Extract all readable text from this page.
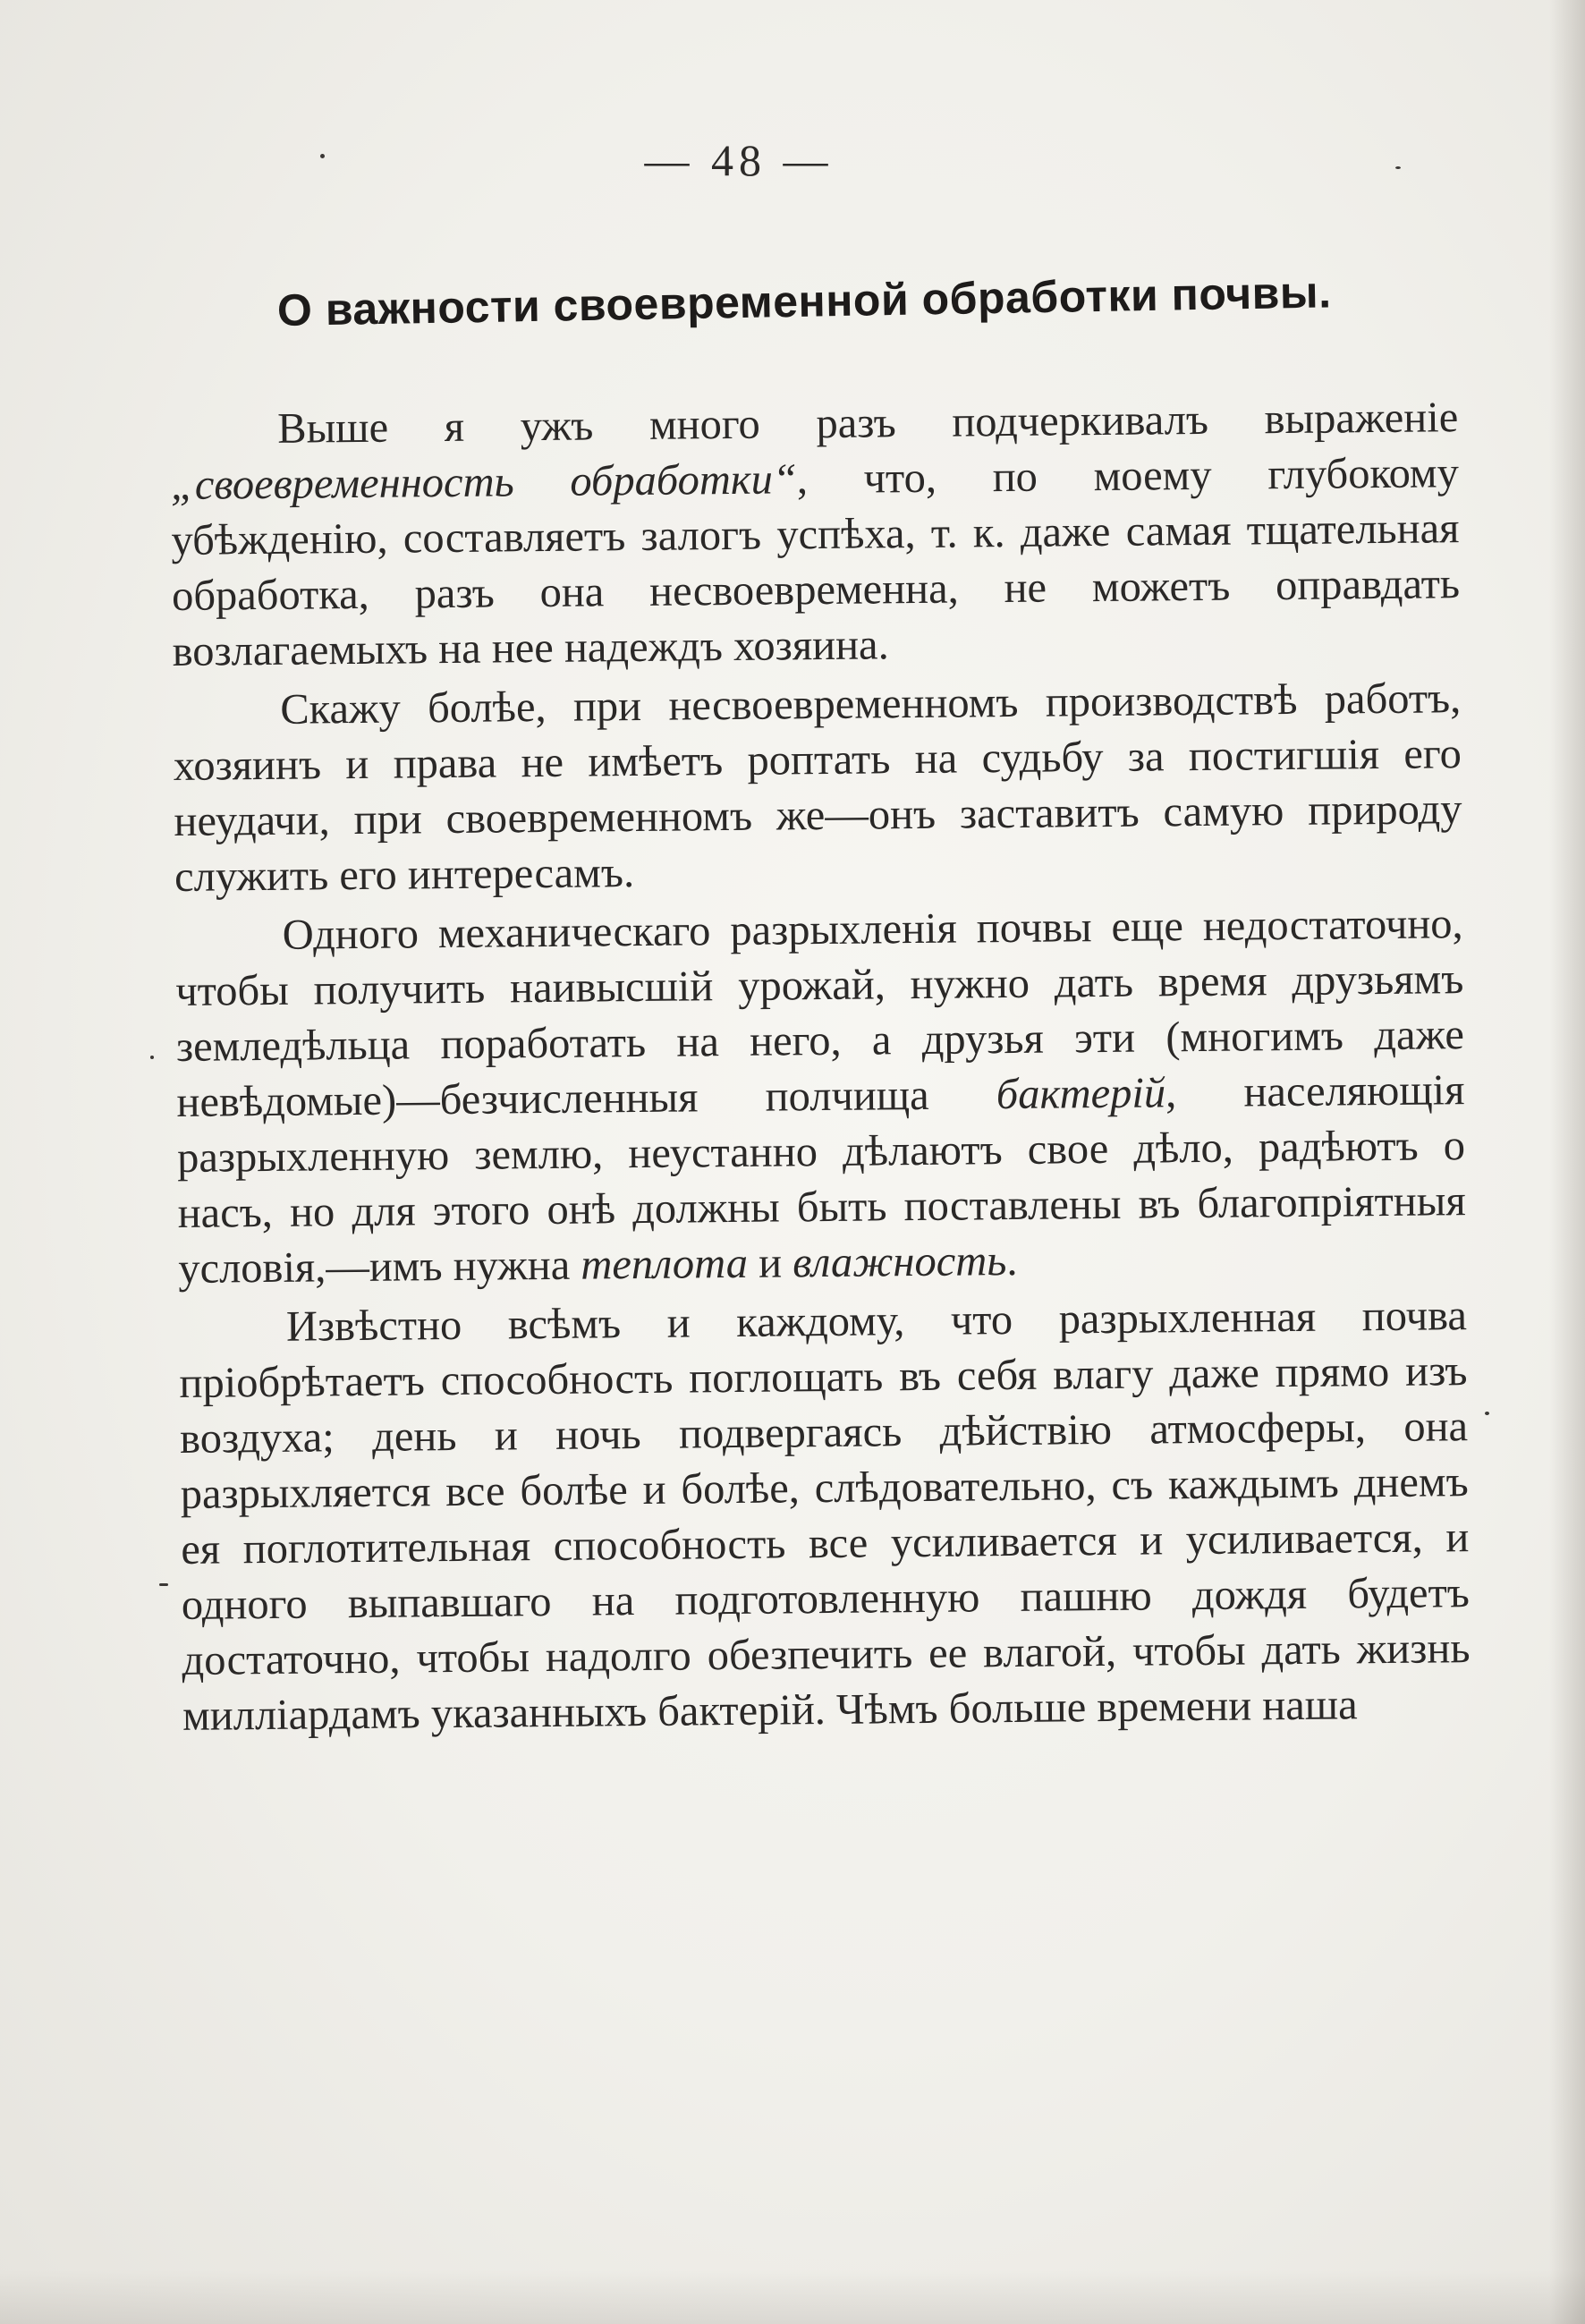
— 48 —
О важности своевременной обработки почвы.

Выше я ужъ много разъ подчеркивалъ выраженіе „своевременность обработки“, что, по моему глубокому убѣжденію, составляетъ залогъ успѣха, т. к. даже самая тщательная обработка, разъ она несвоевременна, не можетъ оправдать возлагаемыхъ на нее надеждъ хозяина.

Скажу болѣе, при несвоевременномъ производствѣ работъ, хозяинъ и права не имѣетъ роптать на судьбу за постигшія его неудачи, при своевременномъ же—онъ заставитъ самую природу служить его интересамъ.

Одного механическаго разрыхленія почвы еще недостаточно, чтобы получить наивысшій урожай, нужно дать время друзьямъ земледѣльца поработать на него, а друзья эти (многимъ даже невѣдомые)—безчисленныя полчища бактерій, населяющія разрыхленную землю, неустанно дѣлаютъ свое дѣло, радѣютъ о насъ, но для этого онѣ должны быть поставлены въ благопріятныя условія,—имъ нужна теплота и влажность.

Извѣстно всѣмъ и каждому, что разрыхленная почва пріобрѣтаетъ способность поглощать въ себя влагу даже прямо изъ воздуха; день и ночь подвергаясь дѣйствію атмосферы, она разрыхляется все болѣе и болѣе, слѣдовательно, съ каждымъ днемъ ея поглотительная способность все усиливается и усиливается, и одного выпавшаго на подготовленную пашню дождя будетъ достаточно, чтобы надолго обезпечить ее влагой, чтобы дать жизнь милліардамъ указанныхъ бактерій. Чѣмъ больше времени наша
